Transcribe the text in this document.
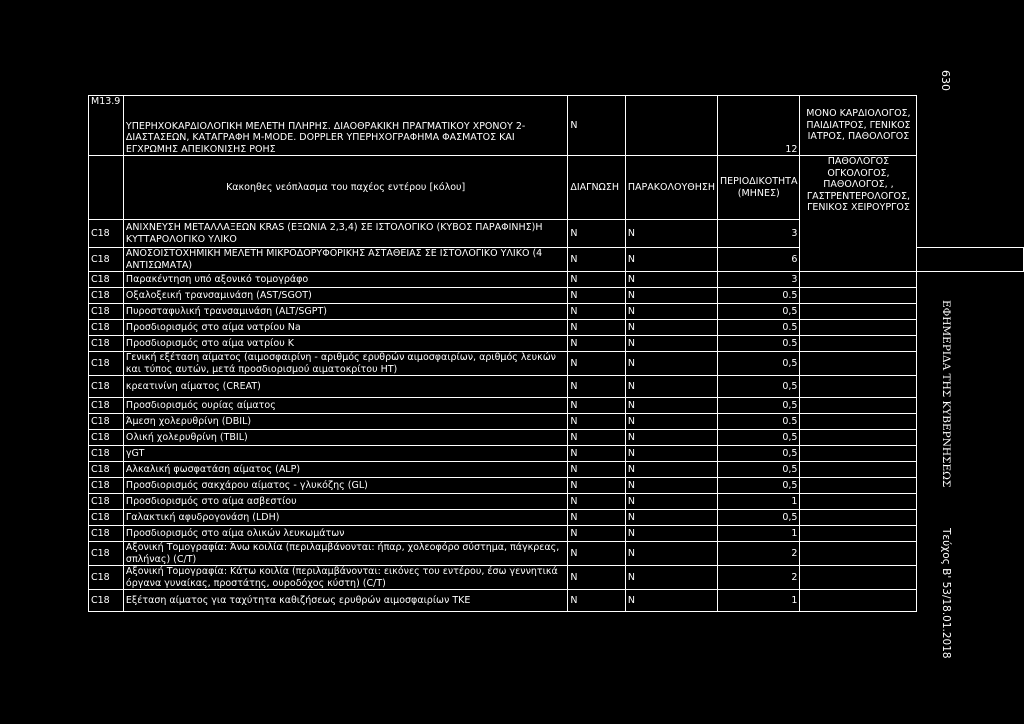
M13.9	ΥΠΕΡΗΧΟΚΑΡΔΙΟΛΟΓΙΚΗ ΜΕΛΕΤΗ ΠΛΗΡΗΣ. ΔΙΑΟΘΡΑΚΙΚΗ ΠΡΑΓΜΑΤΙΚΟΥ ΧΡΟΝΟΥ 2-ΔΙΑΣΤΑΣΕΩΝ, ΚΑΤΑΓΡΑΦΗ Μ-MODE. DOPPLER ΥΠΕΡΗΧΟΓΡΑΦΗΜΑ ΦΑΣΜΑΤΟΣ ΚΑΙ ΕΓΧΡΩΜΗΣ ΑΠΕΙΚΟΝΙΣΗΣ ΡΟΗΣ	N		12	ΜΟΝΟ ΚΑΡΔΙΟΛΟΓΟΣ, ΠΑΙΔΙΑΤΡΟΣ, ΓΕΝΙΚΟΣ ΙΑΤΡΟΣ, ΠΑΘΟΛΟΓΟΣ	
	Κακοηθες νεόπλασμα του παχέος εντέρου [κόλου]	ΔΙΑΓΝΩΣΗ	ΠΑΡΑΚΟΛΟΥΘΗΣΗ	ΠΕΡΙΟΔΙΚΟΤΗΤΑ (ΜΗΝΕΣ)	ΠΑΘΟΛΟΓΟΣ ΟΓΚΟΛΟΓΟΣ, ΠΑΘΟΛΟΓΟΣ, , ΓΑΣΤΡΕΝΤΕΡΟΛΟΓΟΣ, ΓΕΝΙΚΟΣ ΧΕΙΡΟΥΡΓΟΣ	
C18	ΑΝΙΧΝΕΥΣΗ ΜΕΤΑΛΛΑΞΕΩΝ KRAS (ΕΞΩΝΙΑ 2,3,4) ΣΕ ΙΣΤΟΛΟΓΙΚΟ (ΚΥΒΟΣ ΠΑΡΑΦΙΝΗΣ)Η ΚΥΤΤΑΡΟΛΟΓΙΚΟ ΥΛΙΚΟ	N	N	3		
C18	ΑΝΟΣΟΙΣΤΟΧΗΜΙΚΗ ΜΕΛΕΤΗ ΜΙΚΡΟΔΟΡΥΦΟΡΙΚΗΣ ΑΣΤΑΘΕΙΑΣ ΣΕ ΙΣΤΟΛΟΓΙΚΟ ΥΛΙΚΟ (4 ΑΝΤΙΣΩΜΑΤΑ)	N	N	6		
C18	Παρακέντηση υπό αξονικό τομογράφο	N	N	3		
C18	Οξαλοξεική τρανσαμινάση (AST/SGOT)	N	N	0.5		
C18	Πυροσταφυλική τρανσαμινάση (ALT/SGPT)	N	N	0,5		
C18	Προσδιορισμός στο αίμα νατρίου Na	N	N	0.5		
C18	Προσδιορισμός στο αίμα νατρίου K	N	N	0.5		
C18	Γενική εξέταση αίματος (αιμοσφαιρίνη - αριθμός ερυθρών αιμοσφαιρίων, αριθμός λευκών και τύπος αυτών, μετά προσδιορισμού αιματοκρίτου HT)	N	N	0,5		
C18	κρεατινίνη αίματος (CREAT)	N	N	0,5		
C18	Προσδιορισμός ουρίας αίματος	N	N	0,5		
C18	Άμεση χολερυθρίνη (DBIL)	N	N	0.5		
C18	Ολική χολερυθρίνη (TBIL)	N	N	0,5		
C18	γGT	N	N	0,5		
C18	Αλκαλική φωσφατάση αίματος (ALP)	N	N	0,5		
C18	Προσδιορισμός σακχάρου αίματος - γλυκόζης (GL)	N	N	0,5		
C18	Προσδιορισμός στο αίμα ασβεστίου	N	N	1		
C18	Γαλακτική αφυδρογονάση (LDH)	N	N	0,5		
C18	Προσδιορισμός στο αίμα ολικών λευκωμάτων	N	N	1		
C18	Αξονική Τομογραφία: Άνω κοιλία (περιλαμβάνονται: ήπαρ, χολεοφόρο σύστημα, πάγκρεας, σπλήνας) (C/T)	N	N	2		
C18	Αξονική Τομογραφία: Κάτω κοιλία (περιλαμβάνονται: εικόνες του εντέρου, έσω γεννητικά όργανα γυναίκας, προστάτης, ουροδόχος κύστη) (C/T)	N	N	2		
C18	Εξέταση αίματος για ταχύτητα καθιζήσεως ερυθρών αιμοσφαιρίων ΤΚΕ	N	N	1		
630
ΕΦΗΜΕΡΙΔΑ ΤΗΣ ΚΥΒΕΡΝΗΣΕΩΣ
Τεύχος Β' 53/18.01.2018
